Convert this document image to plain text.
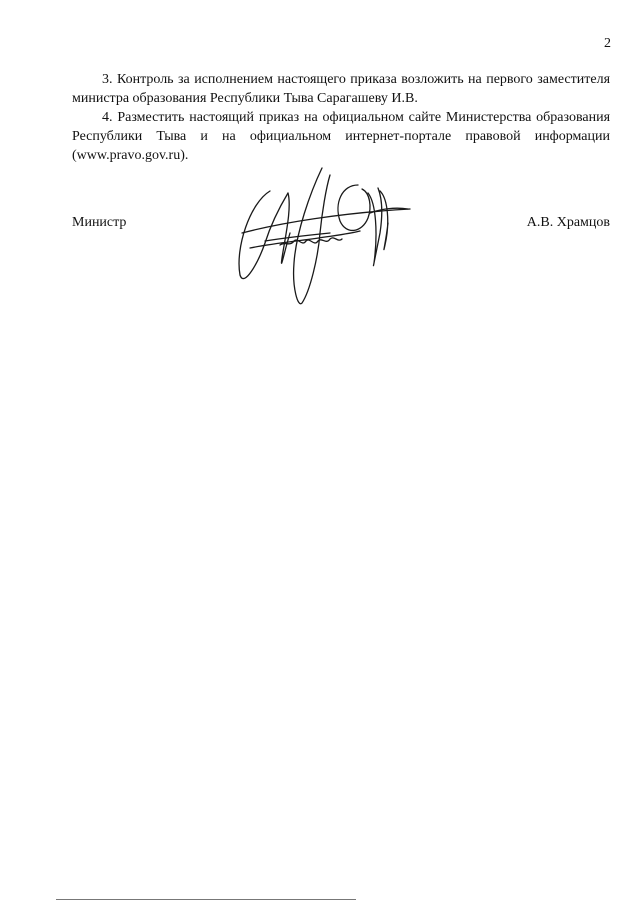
2

3. Контроль за исполнением настоящего приказа возложить на первого заместителя министра образования Республики Тыва Сарагашеву И.В.

4. Разместить настоящий приказ на официальном сайте Министерства образования Республики Тыва и на официальном интернет-портале правовой информации (www.pravo.gov.ru).

Министр	А.В. Храмцов
